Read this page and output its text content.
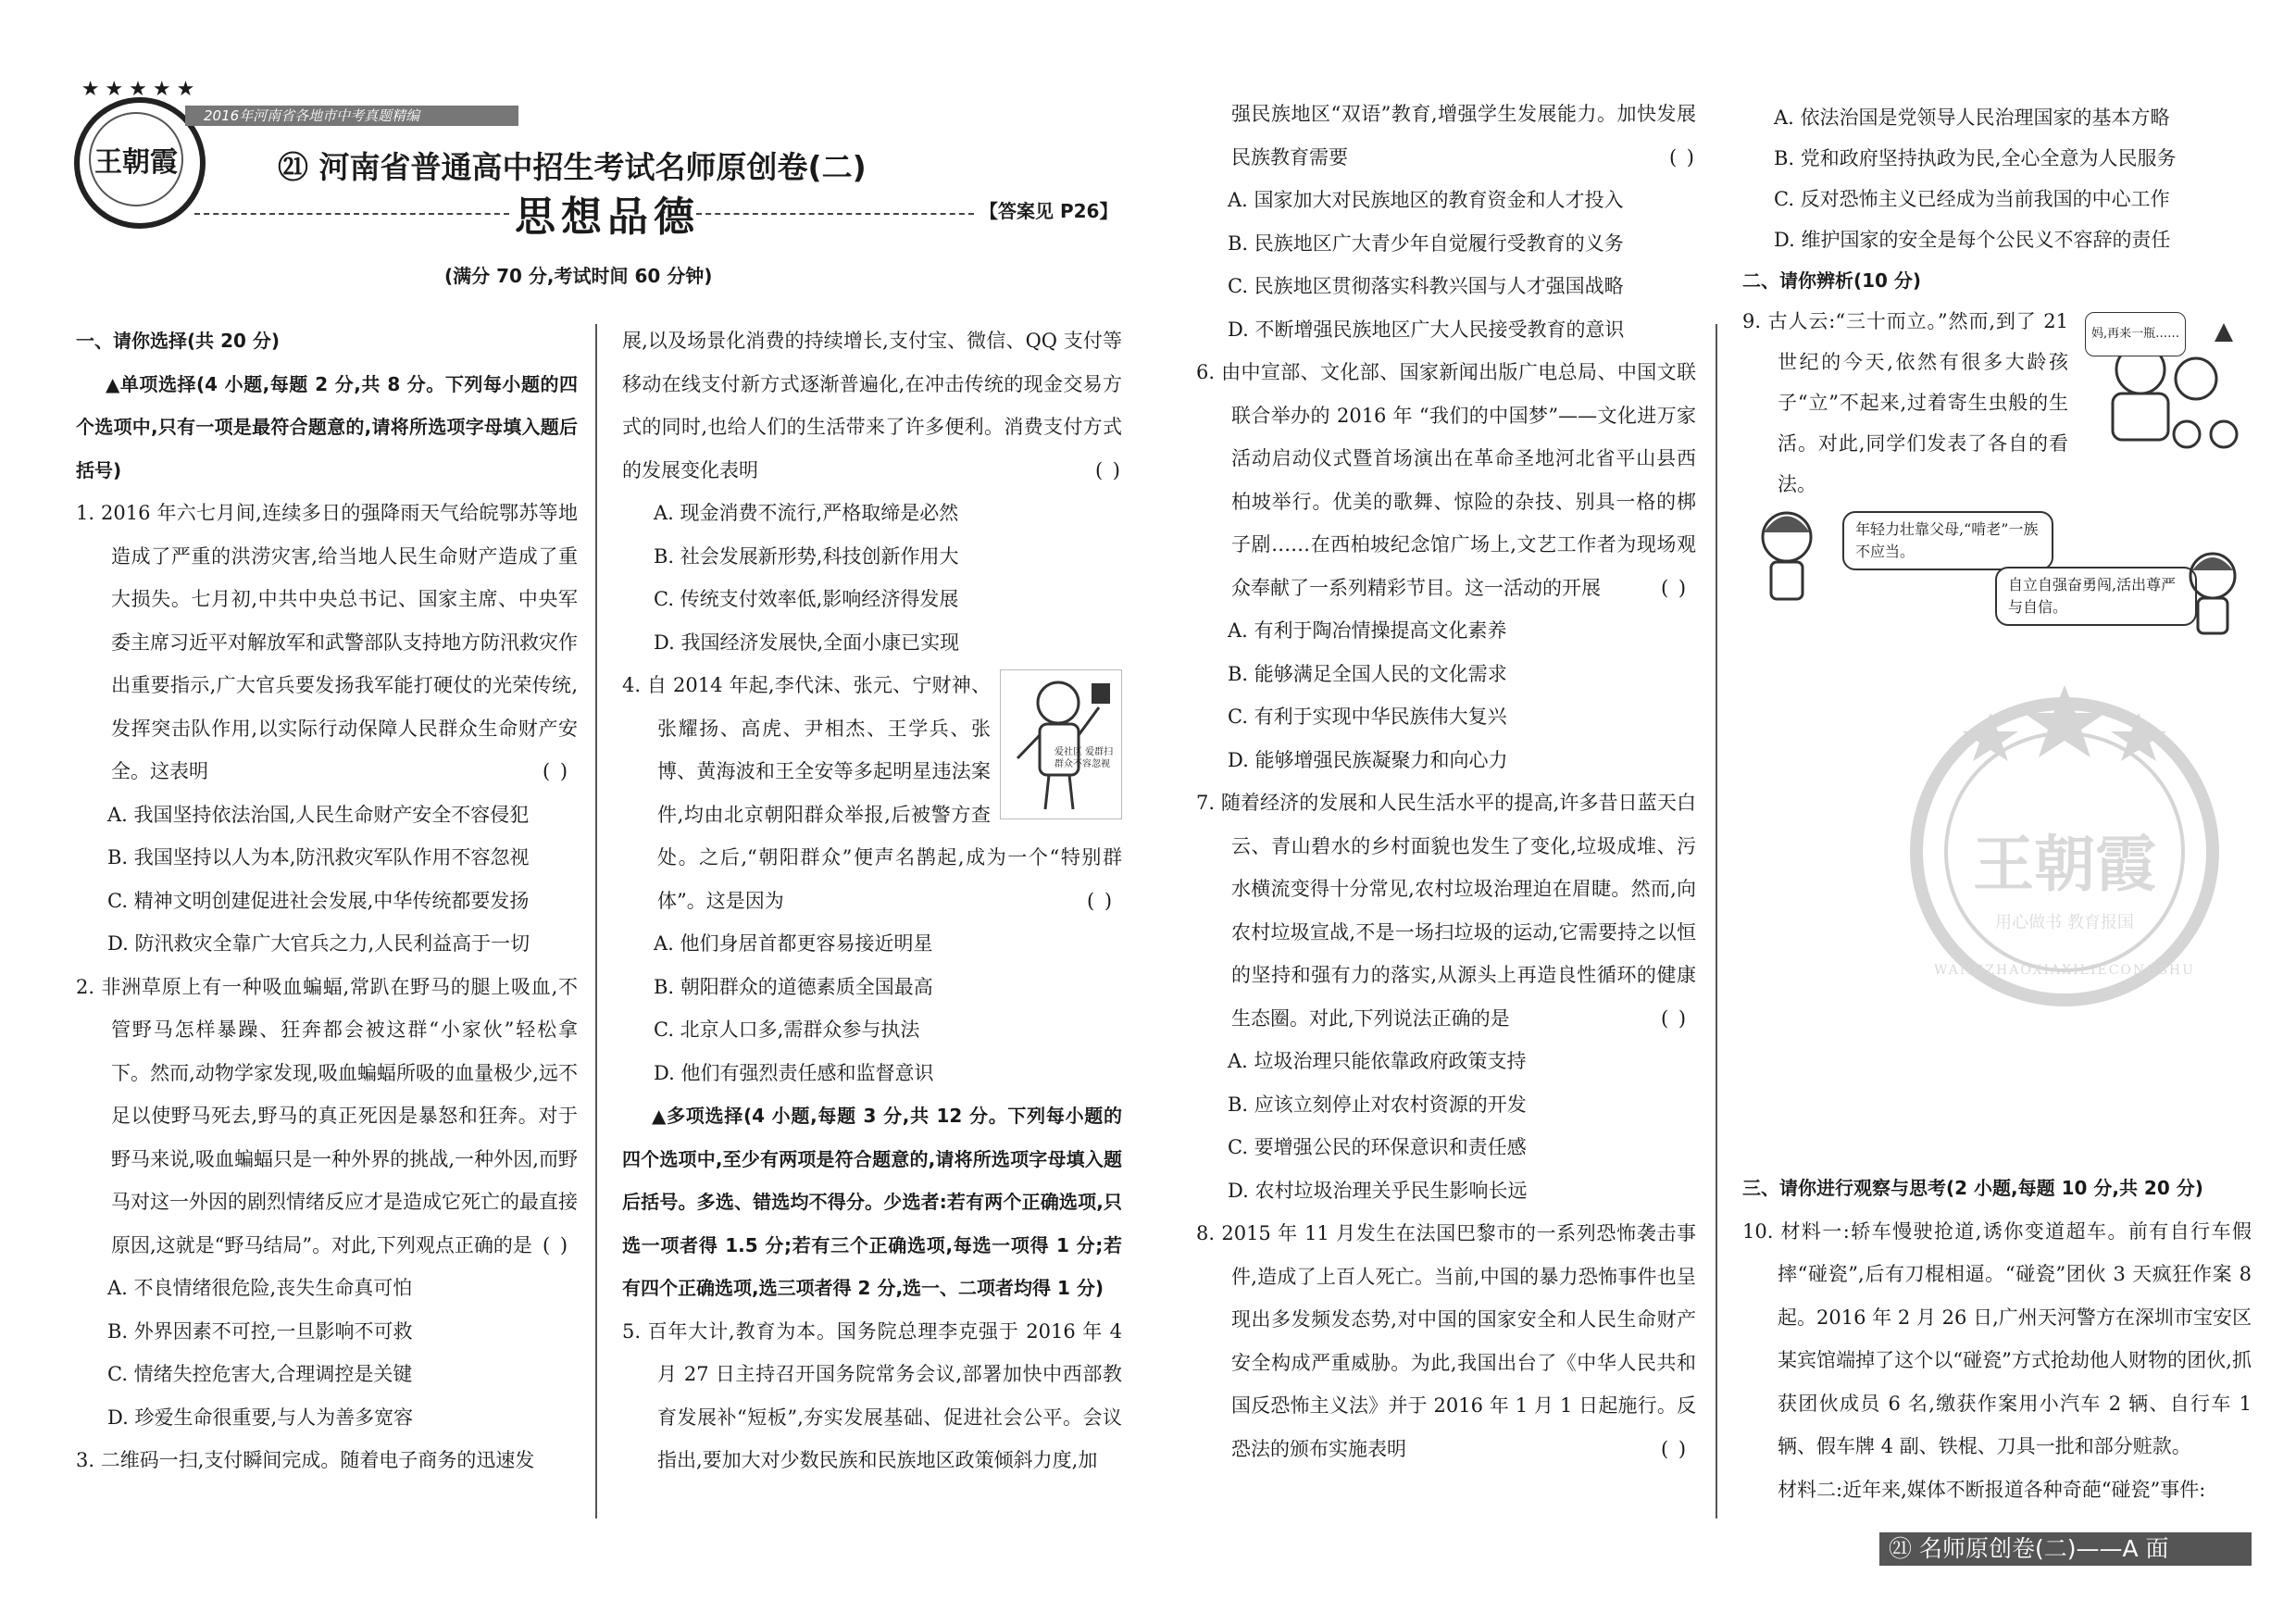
王朝霞
★★★★★
2016年河南省各地市中考真题精编
㉑ 河南省普通高中招生考试名师原创卷(二)
思想品德	【答案见 P26】
(满分 70 分,考试时间 60 分钟)

一、请你选择(共 20 分)

▲单项选择(4 小题,每题 2 分,共 8 分。下列每小题的四个选项中,只有一项是最符合题意的,请将所选项字母填入题后括号)

1. 2016 年六七月间,连续多日的强降雨天气给皖鄂苏等地造成了严重的洪涝灾害,给当地人民生命财产造成了重大损失。七月初,中共中央总书记、国家主席、中央军委主席习近平对解放军和武警部队支持地方防汛救灾作出重要指示,广大官兵要发扬我军能打硬仗的光荣传统,发挥突击队作用,以实际行动保障人民群众生命财产安全。这表明	( )

A. 我国坚持依法治国,人民生命财产安全不容侵犯

B. 我国坚持以人为本,防汛救灾军队作用不容忽视

C. 精神文明创建促进社会发展,中华传统都要发扬

D. 防汛救灾全靠广大官兵之力,人民利益高于一切

2. 非洲草原上有一种吸血蝙蝠,常趴在野马的腿上吸血,不管野马怎样暴躁、狂奔都会被这群“小家伙”轻松拿下。然而,动物学家发现,吸血蝙蝠所吸的血量极少,远不足以使野马死去,野马的真正死因是暴怒和狂奔。对于野马来说,吸血蝙蝠只是一种外界的挑战,一种外因,而野马对这一外因的剧烈情绪反应才是造成它死亡的最直接原因,这就是“野马结局”。对此,下列观点正确的是 ( )

A. 不良情绪很危险,丧失生命真可怕

B. 外界因素不可控,一旦影响不可救

C. 情绪失控危害大,合理调控是关键

D. 珍爱生命很重要,与人为善多宽容

3. 二维码一扫,支付瞬间完成。随着电子商务的迅速发

展,以及场景化消费的持续增长,支付宝、微信、QQ 支付等移动在线支付新方式逐渐普遍化,在冲击传统的现金交易方式的同时,也给人们的生活带来了许多便利。消费支付方式的发展变化表明	( )

A. 现金消费不流行,严格取缔是必然

B. 社会发展新形势,科技创新作用大

C. 传统支付效率低,影响经济得发展

D. 我国经济发展快,全面小康已实现

爱社区 爱群扫 群众不容忽视

4. 自 2014 年起,李代沫、张元、宁财神、张耀扬、高虎、尹相杰、王学兵、张博、黄海波和王全安等多起明星违法案件,均由北京朝阳群众举报,后被警方查处。之后,“朝阳群众”便声名鹊起,成为一个“特别群体”。这是因为	( )

A. 他们身居首都更容易接近明星

B. 朝阳群众的道德素质全国最高

C. 北京人口多,需群众参与执法

D. 他们有强烈责任感和监督意识

▲多项选择(4 小题,每题 3 分,共 12 分。下列每小题的四个选项中,至少有两项是符合题意的,请将所选项字母填入题后括号。多选、错选均不得分。少选者:若有两个正确选项,只选一项者得 1.5 分;若有三个正确选项,每选一项得 1 分;若有四个正确选项,选三项者得 2 分,选一、二项者均得 1 分)

5. 百年大计,教育为本。国务院总理李克强于 2016 年 4 月 27 日主持召开国务院常务会议,部署加快中西部教育发展补“短板”,夯实发展基础、促进社会公平。会议指出,要加大对少数民族和民族地区政策倾斜力度,加

强民族地区“双语”教育,增强学生发展能力。加快发展民族教育需要	( )

A. 国家加大对民族地区的教育资金和人才投入

B. 民族地区广大青少年自觉履行受教育的义务

C. 民族地区贯彻落实科教兴国与人才强国战略

D. 不断增强民族地区广大人民接受教育的意识

6. 由中宣部、文化部、国家新闻出版广电总局、中国文联联合举办的 2016 年 “我们的中国梦”——文化进万家活动启动仪式暨首场演出在革命圣地河北省平山县西柏坡举行。优美的歌舞、惊险的杂技、别具一格的梆子剧……在西柏坡纪念馆广场上,文艺工作者为现场观众奉献了一系列精彩节目。这一活动的开展	( )

A. 有利于陶冶情操提高文化素养

B. 能够满足全国人民的文化需求

C. 有利于实现中华民族伟大复兴

D. 能够增强民族凝聚力和向心力

7. 随着经济的发展和人民生活水平的提高,许多昔日蓝天白云、青山碧水的乡村面貌也发生了变化,垃圾成堆、污水横流变得十分常见,农村垃圾治理迫在眉睫。然而,向农村垃圾宣战,不是一场扫垃圾的运动,它需要持之以恒的坚持和强有力的落实,从源头上再造良性循环的健康生态圈。对此,下列说法正确的是	( )

A. 垃圾治理只能依靠政府政策支持

B. 应该立刻停止对农村资源的开发

C. 要增强公民的环保意识和责任感

D. 农村垃圾治理关乎民生影响长远

8. 2015 年 11 月发生在法国巴黎市的一系列恐怖袭击事件,造成了上百人死亡。当前,中国的暴力恐怖事件也呈现出多发频发态势,对中国的国家安全和人民生命财产安全构成严重威胁。为此,我国出台了《中华人民共和国反恐怖主义法》并于 2016 年 1 月 1 日起施行。反恐法的颁布实施表明	( )

A. 依法治国是党领导人民治理国家的基本方略

B. 党和政府坚持执政为民,全心全意为人民服务

C. 反对恐怖主义已经成为当前我国的中心工作

D. 维护国家的安全是每个公民义不容辞的责任

二、请你辨析(10 分)

妈,再来一瓶……

9. 古人云:“三十而立。”然而,到了 21 世纪的今天,依然有很多大龄孩子“立”不起来,过着寄生虫般的生活。对此,同学们发表了各自的看法。

年轻力壮靠父母,“啃老”一族不应当。
自立自强奋勇闯,活出尊严与自信。
王朝霞
用心做书 教育报国
WANGZHAOXIAXILIECONGSHU

三、请你进行观察与思考(2 小题,每题 10 分,共 20 分)

10. 材料一:轿车慢驶抢道,诱你变道超车。前有自行车假摔“碰瓷”,后有刀棍相逼。“碰瓷”团伙 3 天疯狂作案 8 起。2016 年 2 月 26 日,广州天河警方在深圳市宝安区某宾馆端掉了这个以“碰瓷”方式抢劫他人财物的团伙,抓获团伙成员 6 名,缴获作案用小汽车 2 辆、自行车 1 辆、假车牌 4 副、铁棍、刀具一批和部分赃款。

材料二:近年来,媒体不断报道各种奇葩“碰瓷”事件:

㉑ 名师原创卷(二)——A 面
